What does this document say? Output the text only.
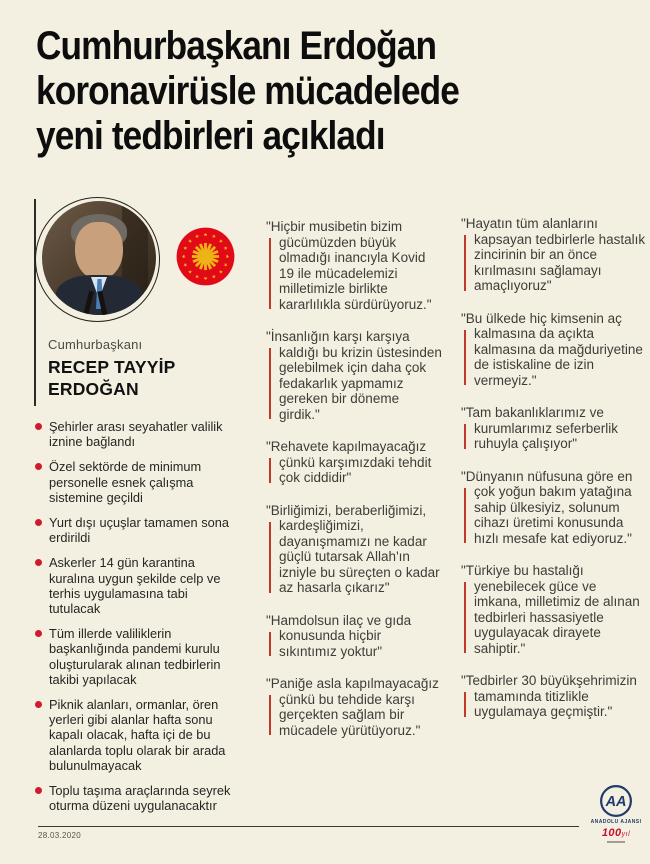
Cumhurbaşkanı Erdoğan
koronavirüsle mücadelede
yeni tedbirleri açıkladı
Cumhurbaşkanı
RECEP TAYYİP
ERDOĞAN
Şehirler arası seyahatler valilik iznine bağlandı
Özel sektörde de minimum personelle esnek çalışma sistemine geçildi
Yurt dışı uçuşlar tamamen sona erdirildi
Askerler 14 gün karantina kuralına uygun şekilde celp ve terhis uygulamasına tabi tutulacak
Tüm illerde valiliklerin başkanlığında pandemi kurulu oluşturularak alınan tedbirlerin takibi yapılacak
Piknik alanları, ormanlar, ören yerleri gibi alanlar hafta sonu kapalı olacak, hafta içi de bu alanlarda toplu olarak bir arada bulunulmayacak
Toplu taşıma araçlarında seyrek oturma düzeni uygulanacaktır

"Hiçbir musibetin bizim gücümüzden büyük olmadığı inancıyla Kovid 19 ile mücadelemizi milletimizle birlikte kararlılıkla sürdürüyoruz."

"İnsanlığın karşı karşıya kaldığı bu krizin üstesinden gelebilmek için daha çok fedakarlık yapmamız gereken bir döneme girdik."

"Rehavete kapılmayacağız çünkü karşımızdaki tehdit çok ciddidir"

"Birliğimizi, beraberliğimizi, kardeşliğimizi, dayanışmamızı ne kadar güçlü tutarsak Allah'ın izniyle bu süreçten o kadar az hasarla çıkarız"

"Hamdolsun ilaç ve gıda konusunda hiçbir sıkıntımız yoktur"

"Paniğe asla kapılmayacağız çünkü bu tehdide karşı gerçekten sağlam bir mücadele yürütüyoruz."

"Hayatın tüm alanlarını kapsayan tedbirlerle hastalık zincirinin bir an önce kırılmasını sağlamayı amaçlıyoruz"

"Bu ülkede hiç kimsenin aç kalmasına da açıkta kalmasına da mağduriyetine de istiskaline de izin vermeyiz."

"Tam bakanlıklarımız ve kurumlarımız seferberlik ruhuyla çalışıyor"

"Dünyanın nüfusuna göre en çok yoğun bakım yatağına sahip ülkesiyiz, solunum cihazı üretimi konusunda hızlı mesafe kat ediyoruz."

"Türkiye bu hastalığı yenebilecek güce ve imkana, milletimiz de alınan tedbirleri hassasiyetle uygulayacak dirayete sahiptir."

"Tedbirler 30 büyükşehrimizin tamamında titizlikle uygulamaya geçmiştir."

28.03.2020
AA
ANADOLU AJANSI
100yıl
